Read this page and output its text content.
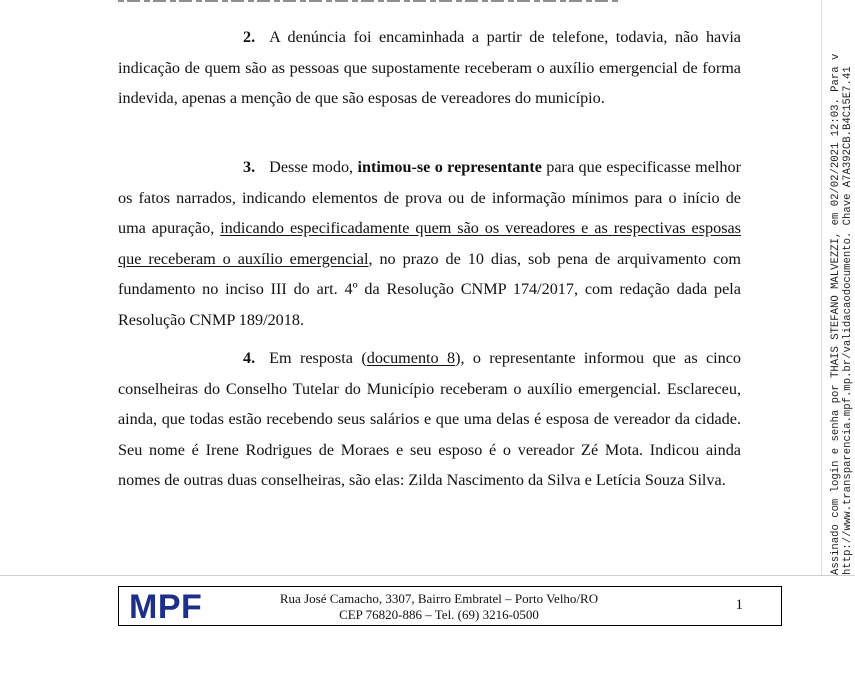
2. A denúncia foi encaminhada a partir de telefone, todavia, não havia indicação de quem são as pessoas que supostamente receberam o auxílio emergencial de forma indevida, apenas a menção de que são esposas de vereadores do município.
3. Desse modo, intimou-se o representante para que especificasse melhor os fatos narrados, indicando elementos de prova ou de informação mínimos para o início de uma apuração, indicando especificadamente quem são os vereadores e as respectivas esposas que receberam o auxílio emergencial, no prazo de 10 dias, sob pena de arquivamento com fundamento no inciso III do art. 4º da Resolução CNMP 174/2017, com redação dada pela Resolução CNMP 189/2018.
4. Em resposta (documento 8), o representante informou que as cinco conselheiras do Conselho Tutelar do Município receberam o auxílio emergencial. Esclareceu, ainda, que todas estão recebendo seus salários e que uma delas é esposa de vereador da cidade. Seu nome é Irene Rodrigues de Moraes e seu esposo é o vereador Zé Mota. Indicou ainda nomes de outras duas conselheiras, são elas: Zilda Nascimento da Silva e Letícia Souza Silva.
MPF	Rua José Camacho, 3307, Bairro Embratel – Porto Velho/RO
CEP 76820-886 – Tel. (69) 3216-0500
1
Assinado com login e senha por THAIS STEFANO MALVEZZI, em 02/02/2021 12:03. Para v http://www.transparencia.mpf.mp.br/validacaodocumento. Chave A7A392CB.B4C15E7.41
